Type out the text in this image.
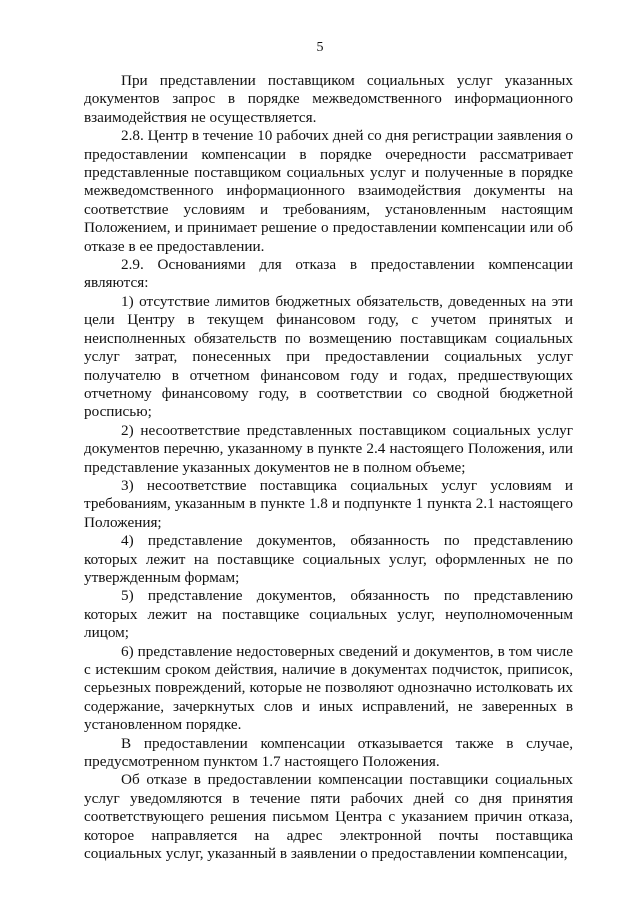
5

При представлении поставщиком социальных услуг указанных документов запрос в порядке межведомственного информационного взаимодействия не осуществляется.

2.8. Центр в течение 10 рабочих дней со дня регистрации заявления о предоставлении компенсации в порядке очередности рассматривает представленные поставщиком социальных услуг и полученные в порядке межведомственного информационного взаимодействия документы на соответствие условиям и требованиям, установленным настоящим Положением, и принимает решение о предоставлении компенсации или об отказе в ее предоставлении.

2.9. Основаниями для отказа в предоставлении компенсации являются:

1) отсутствие лимитов бюджетных обязательств, доведенных на эти цели Центру в текущем финансовом году, с учетом принятых и неисполненных обязательств по возмещению поставщикам социальных услуг затрат, понесенных при предоставлении социальных услуг получателю в отчетном финансовом году и годах, предшествующих отчетному финансовому году, в соответствии со сводной бюджетной росписью;

2) несоответствие представленных поставщиком социальных услуг документов перечню, указанному в пункте 2.4 настоящего Положения, или представление указанных документов не в полном объеме;

3) несоответствие поставщика социальных услуг условиям и требованиям, указанным в пункте 1.8 и подпункте 1 пункта 2.1 настоящего Положения;

4) представление документов, обязанность по представлению которых лежит на поставщике социальных услуг, оформленных не по утвержденным формам;

5) представление документов, обязанность по представлению которых лежит на поставщике социальных услуг, неуполномоченным лицом;

6) представление недостоверных сведений и документов, в том числе с истекшим сроком действия, наличие в документах подчисток, приписок, серьезных повреждений, которые не позволяют однозначно истолковать их содержание, зачеркнутых слов и иных исправлений, не заверенных в установленном порядке.

В предоставлении компенсации отказывается также в случае, предусмотренном пунктом 1.7 настоящего Положения.

Об отказе в предоставлении компенсации поставщики социальных услуг уведомляются в течение пяти рабочих дней со дня принятия соответствующего решения письмом Центра с указанием причин отказа, которое направляется на адрес электронной почты поставщика социальных услуг, указанный в заявлении о предоставлении компенсации,
